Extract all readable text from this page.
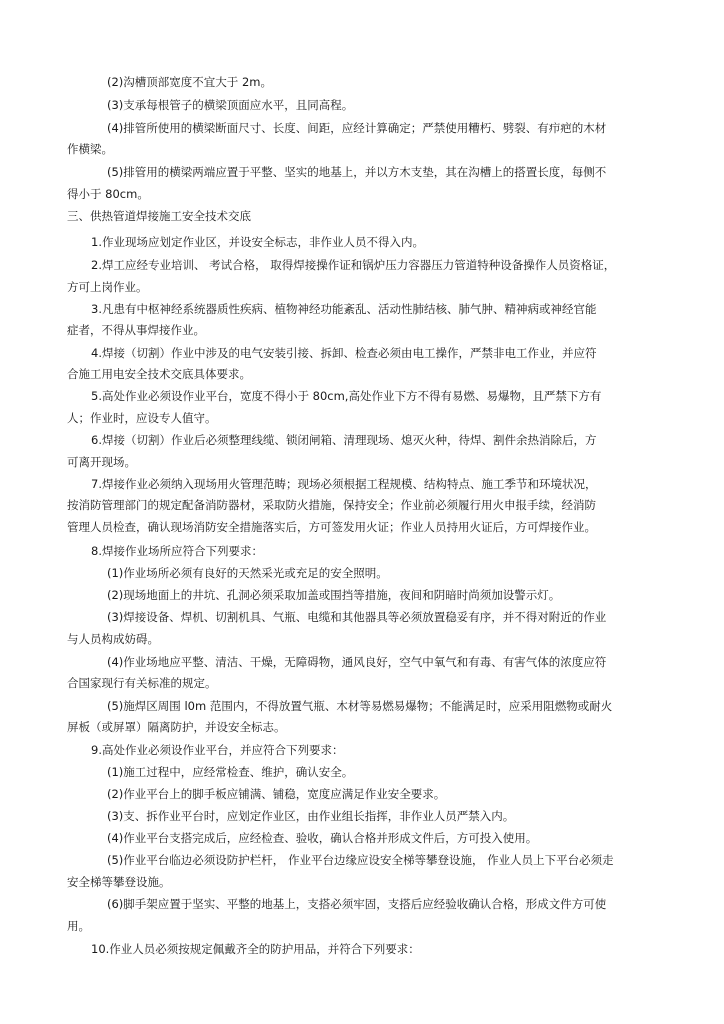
(2)沟槽顶部宽度不宜大于 2m。
(3)支承每根管子的横梁顶面应水平，且同高程。
(4)排管所使用的横梁断面尺寸、长度、间距，应经计算确定；严禁使用糟朽、劈裂、有疖疤的木材
作横梁。
(5)排管用的横梁两端应置于平整、坚实的地基上，并以方木支垫，其在沟槽上的搭置长度，每侧不
得小于 80cm。
三、供热管道焊接施工安全技术交底
1.作业现场应划定作业区，并设安全标志，非作业人员不得入内。
2.焊工应经专业培训、 考试合格， 取得焊接操作证和锅炉压力容器压力管道特种设备操作人员资格证，
方可上岗作业。
3.凡患有中枢神经系统器质性疾病、植物神经功能紊乱、活动性肺结核、肺气肿、精神病或神经官能
症者，不得从事焊接作业。
4.焊接（切割）作业中涉及的电气安装引接、拆卸、检查必须由电工操作，严禁非电工作业，并应符
合施工用电安全技术交底具体要求。
5.高处作业必须设作业平台，宽度不得小于 80cm,高处作业下方不得有易燃、易爆物，且严禁下方有
人；作业时，应设专人值守。
6.焊接（切割）作业后必须整理线缆、锁闭闸箱、清理现场、熄灭火种，待焊、割件余热消除后，方
可离开现场。
7.焊接作业必须纳入现场用火管理范畴；现场必须根据工程规模、结构特点、施工季节和环境状况，
按消防管理部门的规定配备消防器材，采取防火措施，保持安全；作业前必须履行用火申报手续，经消防
管理人员检查，确认现场消防安全措施落实后，方可签发用火证；作业人员持用火证后，方可焊接作业。
8.焊接作业场所应符合下列要求：
(1)作业场所必须有良好的天然采光或充足的安全照明。
(2)现场地面上的井坑、孔洞必须采取加盖或围挡等措施，夜间和阴暗时尚须加设警示灯。
(3)焊接设备、焊机、切割机具、气瓶、电缆和其他器具等必须放置稳妥有序，并不得对附近的作业
与人员构成妨碍。
(4)作业场地应平整、清洁、干燥，无障碍物，通风良好，空气中氧气和有毒、有害气体的浓度应符
合国家现行有关标准的规定。
(5)施焊区周围 l0m 范围内，不得放置气瓶、木材等易燃易爆物；不能满足时，应采用阻燃物或耐火
屏板（或屏罩）隔离防护，并设安全标志。
9.高处作业必须设作业平台，并应符合下列要求：
(1)施工过程中，应经常检查、维护，确认安全。
(2)作业平台上的脚手板应铺满、铺稳，宽度应满足作业安全要求。
(3)支、拆作业平台时，应划定作业区，由作业组长指挥，非作业人员严禁入内。
(4)作业平台支搭完成后，应经检查、验收，确认合格并形成文件后，方可投入使用。
(5)作业平台临边必须设防护栏杆， 作业平台边缘应设安全梯等攀登设施， 作业人员上下平台必须走
安全梯等攀登设施。
(6)脚手架应置于坚实、平整的地基上，支搭必须牢固，支搭后应经验收确认合格，形成文件方可使
用。
10.作业人员必须按规定佩戴齐全的防护用品，并符合下列要求：
